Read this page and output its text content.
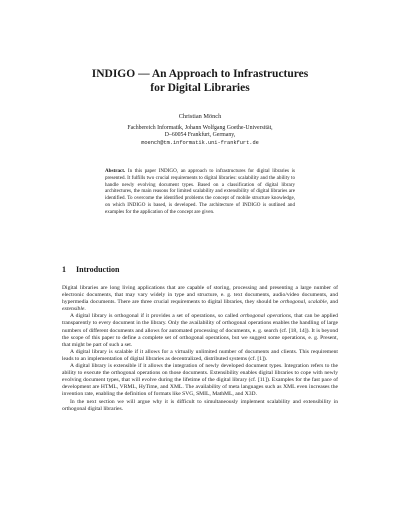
INDIGO — An Approach to Infrastructures
for Digital Libraries
Christian Mönch
Fachbereich Informatik, Johann Wolfgang Goethe-Universität,
D–60054 Frankfurt, Germany,
moench@tm.informatik.uni-frankfurt.de
Abstract. In this paper INDIGO, an approach to infrastructures for digital libraries is presented. It fulfills two crucial requirements to digital libraries: scalability and the ability to handle newly evolving document types. Based on a classification of digital library architectures, the main reasons for limited scalability and extensibility of digital libraries are identified. To overcome the identified problems the concept of mobile structure knowledge, on which INDIGO is based, is developed. The architecture of INDIGO is outlined and examples for the application of the concept are given.
1 Introduction

Digital libraries are long living applications that are capable of storing, processing and presenting a large number of electronic documents, that may vary widely in type and structure, e. g. text documents, audio/video documents, and hypermedia documents. There are three crucial requirements to digital libraries, they should be orthogonal, scalable, and extensible.

A digital library is orthogonal if it provides a set of operations, so called orthogonal operations, that can be applied transparently to every document in the library. Only the availability of orthogonal operations enables the handling of large numbers of different documents and allows for automated processing of documents, e. g. search (cf. [18, 14]). It is beyond the scope of this paper to define a complete set of orthogonal operations, but we suggest some operations, e. g. Present, that might be part of such a set.

A digital library is scalable if it allows for a virtually unlimited number of documents and clients. This requirement leads to an implementation of digital libraries as decentralized, distributed systems (cf. [1]).

A digital library is extensible if it allows the integration of newly developed document types. Integration refers to the ability to execute the orthogonal operations on those documents. Extensibility enables digital libraries to cope with newly evolving document types, that will evolve during the lifetime of the digital library (cf. [11]). Examples for the fast pace of development are HTML, VRML, HyTime, and XML. The availability of meta languages such as XML even increases the invention rate, enabling the definition of formats like SVG, SMIL, MathML, and X3D.

In the next section we will argue why it is difficult to simultaneously implement scalability and extensibility in orthogonal digital libraries.
